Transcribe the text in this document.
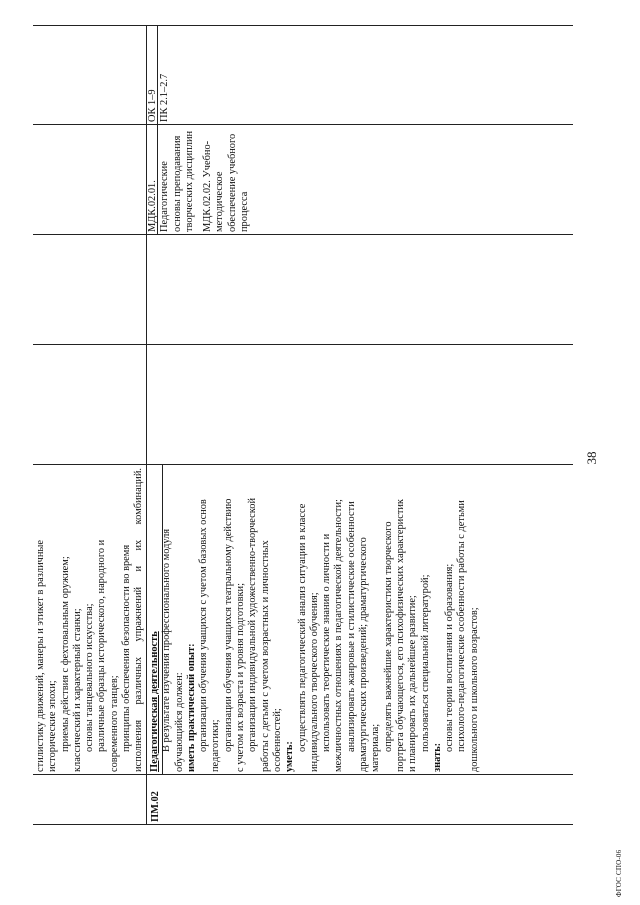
стилистику движений, манеры и этикет в различные исторические эпохи; приемы действия с фехтовальным оружием; классический и характерный станки; основы танцевального искусства; различные образцы исторического, народного и современного танцев; принципы обеспечения безопасности во время исполнения различных упражнений и их комбинаций.
ПМ.02
Педагогическая деятельность В результате изучения профессионального модуля обучающийся должен: иметь практический опыт: организации обучения учащихся с учетом базовых основ педагогики; организации обучения учащихся театральному действию с учетом их возраста и уровня подготовки; организации индивидуальной художественно-творческой работы с детьми с учетом возрастных и личностных особенностей; уметь:
осуществлять педагогический анализ ситуации в классе индивидуального творческого обучения; использовать теоретические знания о личности и межличностных отношениях в педагогической деятельности; анализировать жанровые и стилистические особенности драматургических произведений; драматургического материала; определять важнейшие характеристики творческого портрета обучающегося, его психофизических характеристик и планировать их дальнейшее развитие; пользоваться специальной литературой;
знать:
основы теории воспитания и образования; психолого-педагогические особенности работы с детьми дошкольного и школьного возрастов;
МДК.02.01. Педагогические основы преподавания творческих дисциплин МДК.02.02. Учебно- методическое обеспечение учебного процесса
ОК 1–9 ПК 2.1–2.7
38
ФГОС СПО-06
